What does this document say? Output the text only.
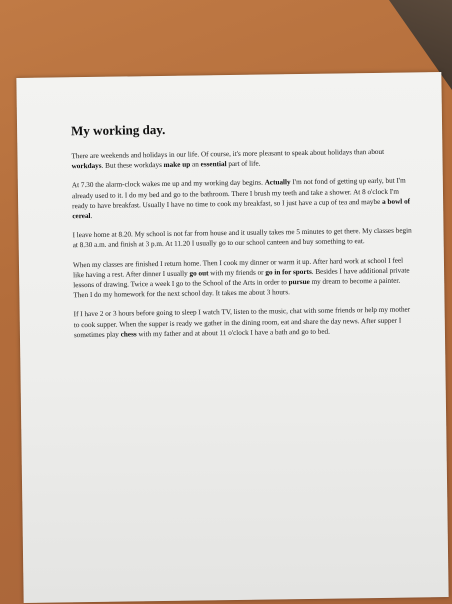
My working day.

There are weekends and holidays in our life. Of course, it's more pleasant to speak about holidays than about workdays. But these workdays make up an essential part of life.

At 7.30 the alarm-clock wakes me up and my working day begins. Actually I'm not fond of getting up early, but I'm already used to it. I do my bed and go to the bathroom. There I brush my teeth and take a shower. At 8 o'clock I'm ready to have breakfast. Usually I have no time to cook my breakfast, so I just have a cup of tea and maybe a bowl of cereal.

I leave home at 8.20. My school is not far from house and it usually takes me 5 minutes to get there. My classes begin at 8.30 a.m. and finish at 3 p.m. At 11.20 I usually go to our school canteen and buy something to eat.

When my classes are finished I return home. Then I cook my dinner or warm it up. After hard work at school I feel like having a rest. After dinner I usually go out with my friends or go in for sports. Besides I have additional private lessons of drawing. Twice a week I go to the School of the Arts in order to pursue my dream to become a painter. Then I do my homework for the next school day. It takes me about 3 hours.

If I have 2 or 3 hours before going to sleep I watch TV, listen to the music, chat with some friends or help my mother to cook supper. When the supper is ready we gather in the dining room, eat and share the day news. After supper I sometimes play chess with my father and at about 11 o'clock I have a bath and go to bed.
